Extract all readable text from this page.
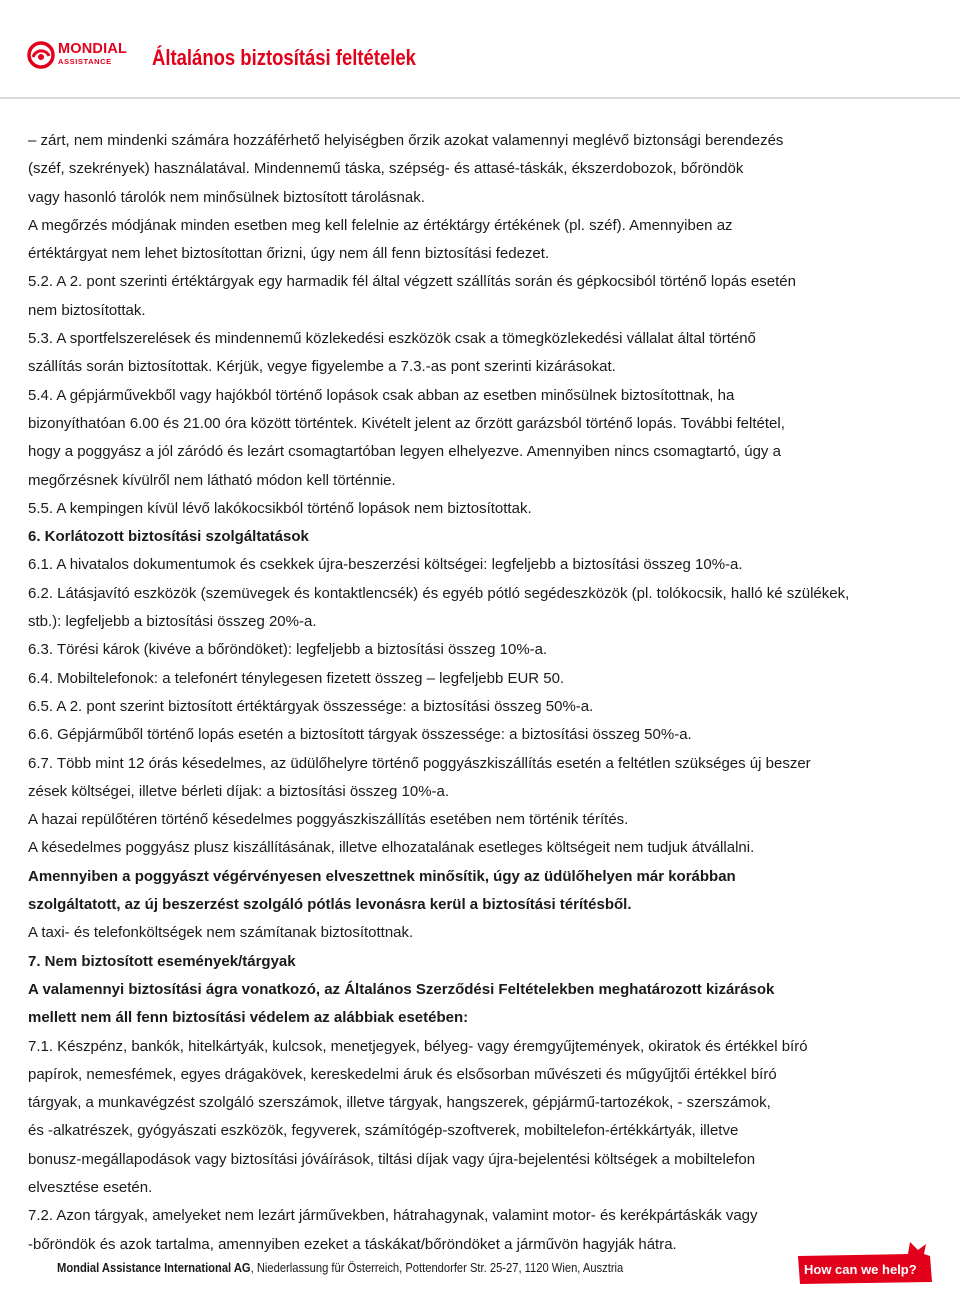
MONDIAL
ASSISTANCE Általános biztosítási feltételek

– zárt, nem mindenki számára hozzáférhető helyiségben őrzik azokat valamennyi meglévő biztonsági berendezés
(széf, szekrények) használatával. Mindennemű táska, szépség- és attasé-táskák, ékszerdobozok, bőröndök
vagy hasonló tárolók nem minősülnek biztosított tárolásnak.

A megőrzés módjának minden esetben meg kell felelnie az értéktárgy értékének (pl. széf). Amennyiben az
értéktárgyat nem lehet biztosítottan őrizni, úgy nem áll fenn biztosítási fedezet.

5.2. A 2. pont szerinti értéktárgyak egy harmadik fél által végzett szállítás során és gépkocsiból történő lopás esetén
nem biztosítottak.

5.3. A sportfelszerelések és mindennemű közlekedési eszközök csak a tömegközlekedési vállalat által történő
szállítás során biztosítottak. Kérjük, vegye figyelembe a 7.3.-as pont szerinti kizárásokat.

5.4. A gépjárművekből vagy hajókból történő lopások csak abban az esetben minősülnek biztosítottnak, ha
bizonyíthatóan 6.00 és 21.00 óra között történtek. Kivételt jelent az őrzött garázsból történő lopás. További feltétel,
hogy a poggyász a jól záródó és lezárt csomagtartóban legyen elhelyezve. Amennyiben nincs csomagtartó, úgy a
megőrzésnek kívülről nem látható módon kell történnie.

5.5. A kempingen kívül lévő lakókocsikból történő lopások nem biztosítottak.

6. Korlátozott biztosítási szolgáltatások

6.1. A hivatalos dokumentumok és csekkek újra-beszerzési költségei: legfeljebb a biztosítási összeg 10%-a.

6.2. Látásjavító eszközök (szemüvegek és kontaktlencsék) és egyéb pótló segédeszközök (pl. tolókocsik, halló ké szülékek,
stb.): legfeljebb a biztosítási összeg 20%-a.

6.3. Törési károk (kivéve a bőröndöket): legfeljebb a biztosítási összeg 10%-a.

6.4. Mobiltelefonok: a telefonért ténylegesen fizetett összeg – legfeljebb EUR 50.

6.5. A 2. pont szerint biztosított értéktárgyak összessége: a biztosítási összeg 50%-a.

6.6. Gépjárműből történő lopás esetén a biztosított tárgyak összessége: a biztosítási összeg 50%-a.

6.7. Több mint 12 órás késedelmes, az üdülőhelyre történő poggyászkiszállítás esetén a feltétlen szükséges új beszer
zések költségei, illetve bérleti díjak: a biztosítási összeg 10%-a.

A hazai repülőtéren történő késedelmes poggyászkiszállítás esetében nem történik térítés.

A késedelmes poggyász plusz kiszállításának, illetve elhozatalának esetleges költségeit nem tudjuk átvállalni.

Amennyiben a poggyászt végérvényesen elveszettnek minősítik, úgy az üdülőhelyen már korábban
szolgáltatott, az új beszerzést szolgáló pótlás levonásra kerül a biztosítási térítésből.

A taxi- és telefonköltségek nem számítanak biztosítottnak.

7. Nem biztosított események/tárgyak

A valamennyi biztosítási ágra vonatkozó, az Általános Szerződési Feltételekben meghatározott kizárások
mellett nem áll fenn biztosítási védelem az alábbiak esetében:

7.1. Készpénz, bankók, hitelkártyák, kulcsok, menetjegyek, bélyeg- vagy éremgyűjtemények, okiratok és értékkel bíró
papírok, nemesfémek, egyes drágakövek, kereskedelmi áruk és elsősorban művészeti és műgyűjtői értékkel bíró
tárgyak, a munkavégzést szolgáló szerszámok, illetve tárgyak, hangszerek, gépjármű-tartozékok, - szerszámok,
és -alkatrészek, gyógyászati eszközök, fegyverek, számítógép-szoftverek, mobiltelefon-értékkártyák, illetve
bonusz-megállapodások vagy biztosítási jóváírások, tiltási díjak vagy újra-bejelentési költségek a mobiltelefon
elvesztése esetén.

7.2. Azon tárgyak, amelyeket nem lezárt járművekben, hátrahagynak, valamint motor- és kerékpártáskák vagy
-bőröndök és azok tartalma, amennyiben ezeket a táskákat/bőröndöket a járművön hagyják hátra.

Mondial Assistance International AG, Niederlassung für Österreich, Pottendorfer Str. 25-27, 1120 Wien, Ausztria	How can we help?
